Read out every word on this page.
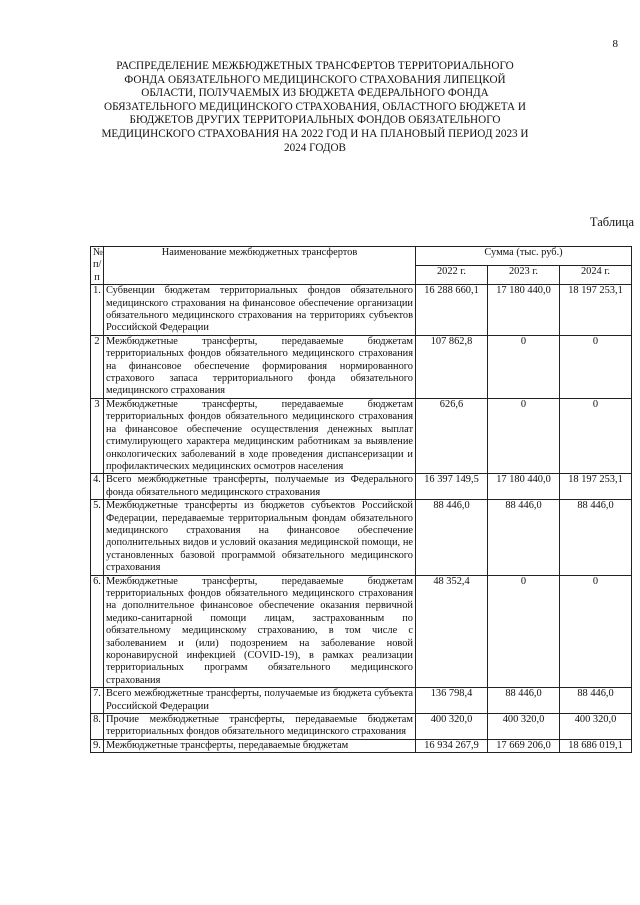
8
РАСПРЕДЕЛЕНИЕ МЕЖБЮДЖЕТНЫХ ТРАНСФЕРТОВ ТЕРРИТОРИАЛЬНОГО ФОНДА ОБЯЗАТЕЛЬНОГО МЕДИЦИНСКОГО СТРАХОВАНИЯ ЛИПЕЦКОЙ ОБЛАСТИ, ПОЛУЧАЕМЫХ ИЗ БЮДЖЕТА ФЕДЕРАЛЬНОГО ФОНДА ОБЯЗАТЕЛЬНОГО МЕДИЦИНСКОГО СТРАХОВАНИЯ, ОБЛАСТНОГО БЮДЖЕТА И БЮДЖЕТОВ ДРУГИХ ТЕРРИТОРИАЛЬНЫХ ФОНДОВ ОБЯЗАТЕЛЬНОГО МЕДИЦИНСКОГО СТРАХОВАНИЯ НА 2022 ГОД И НА ПЛАНОВЫЙ ПЕРИОД 2023 И 2024 ГОДОВ
Таблица
№ п/п	Наименование межбюджетных трансфертов	Сумма (тыс. руб.)		
		2022 г.	2023 г.	2024 г.
1.	Субвенции бюджетам территориальных фондов обязательного медицинского страхования на финансовое обеспечение организации обязательного медицинского страхования на территориях субъектов Российской Федерации	16 288 660,1	17 180 440,0	18 197 253,1
2	Межбюджетные трансферты, передаваемые бюджетам территориальных фондов обязательного медицинского страхования на финансовое обеспечение формирования нормированного страхового запаса территориального фонда обязательного медицинского страхования	107 862,8	0	0
3	Межбюджетные трансферты, передаваемые бюджетам территориальных фондов обязательного медицинского страхования на финансовое обеспечение осуществления денежных выплат стимулирующего характера медицинским работникам за выявление онкологических заболеваний в ходе проведения диспансеризации и профилактических медицинских осмотров населения	626,6	0	0
4.	Всего межбюджетные трансферты, получаемые из Федерального фонда обязательного медицинского страхования	16 397 149,5	17 180 440,0	18 197 253,1
5.	Межбюджетные трансферты из бюджетов субъектов Российской Федерации, передаваемые территориальным фондам обязательного медицинского страхования на финансовое обеспечение дополнительных видов и условий оказания медицинской помощи, не установленных базовой программой обязательного медицинского страхования	88 446,0	88 446,0	88 446,0
6.	Межбюджетные трансферты, передаваемые бюджетам территориальных фондов обязательного медицинского страхования на дополнительное финансовое обеспечение оказания первичной медико-санитарной помощи лицам, застрахованным по обязательному медицинскому страхованию, в том числе с заболеванием и (или) подозрением на заболевание новой коронавирусной инфекцией (COVID-19), в рамках реализации территориальных программ обязательного медицинского страхования	48 352,4	0	0
7.	Всего межбюджетные трансферты, получаемые из бюджета субъекта Российской Федерации	136 798,4	88 446,0	88 446,0
8.	Прочие межбюджетные трансферты, передаваемые бюджетам территориальных фондов обязательного медицинского страхования	400 320,0	400 320,0	400 320,0
9.	Межбюджетные трансферты, передаваемые бюджетам	16 934 267,9	17 669 206,0	18 686 019,1
